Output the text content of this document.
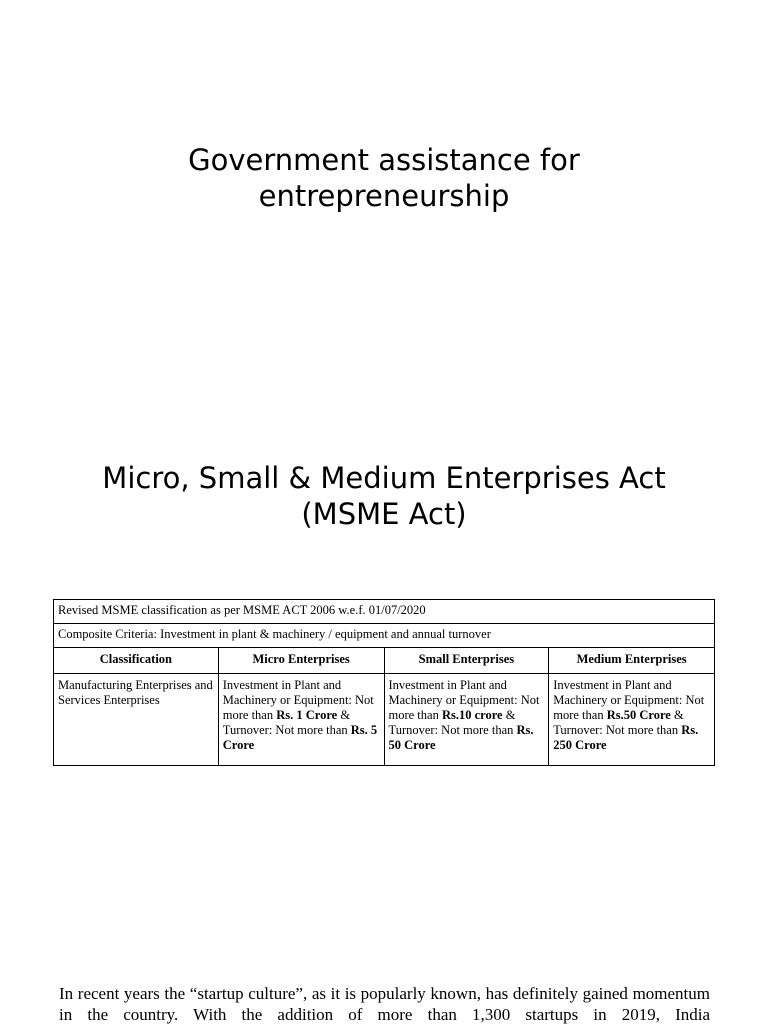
Government assistance for
entrepreneurship
Micro, Small & Medium Enterprises Act
(MSME Act)
Revised MSME classification as per MSME ACT 2006 w.e.f. 01/07/2020			
Composite Criteria: Investment in plant & machinery / equipment and annual turnover			
Classification	Micro Enterprises	Small Enterprises	Medium Enterprises
Manufacturing Enterprises and Services Enterprises	Investment in Plant and Machinery or Equipment: Not more than Rs. 1 Crore & Turnover: Not more than Rs. 5 Crore	Investment in Plant and Machinery or Equipment: Not more than Rs.10 crore & Turnover: Not more than Rs. 50 Crore	Investment in Plant and Machinery or Equipment: Not more than Rs.50 Crore & Turnover: Not more than Rs. 250 Crore

In recent years the “startup culture”, as it is popularly known, has definitely gained momentum in the country. With the addition of more than 1,300 startups in 2019, India
